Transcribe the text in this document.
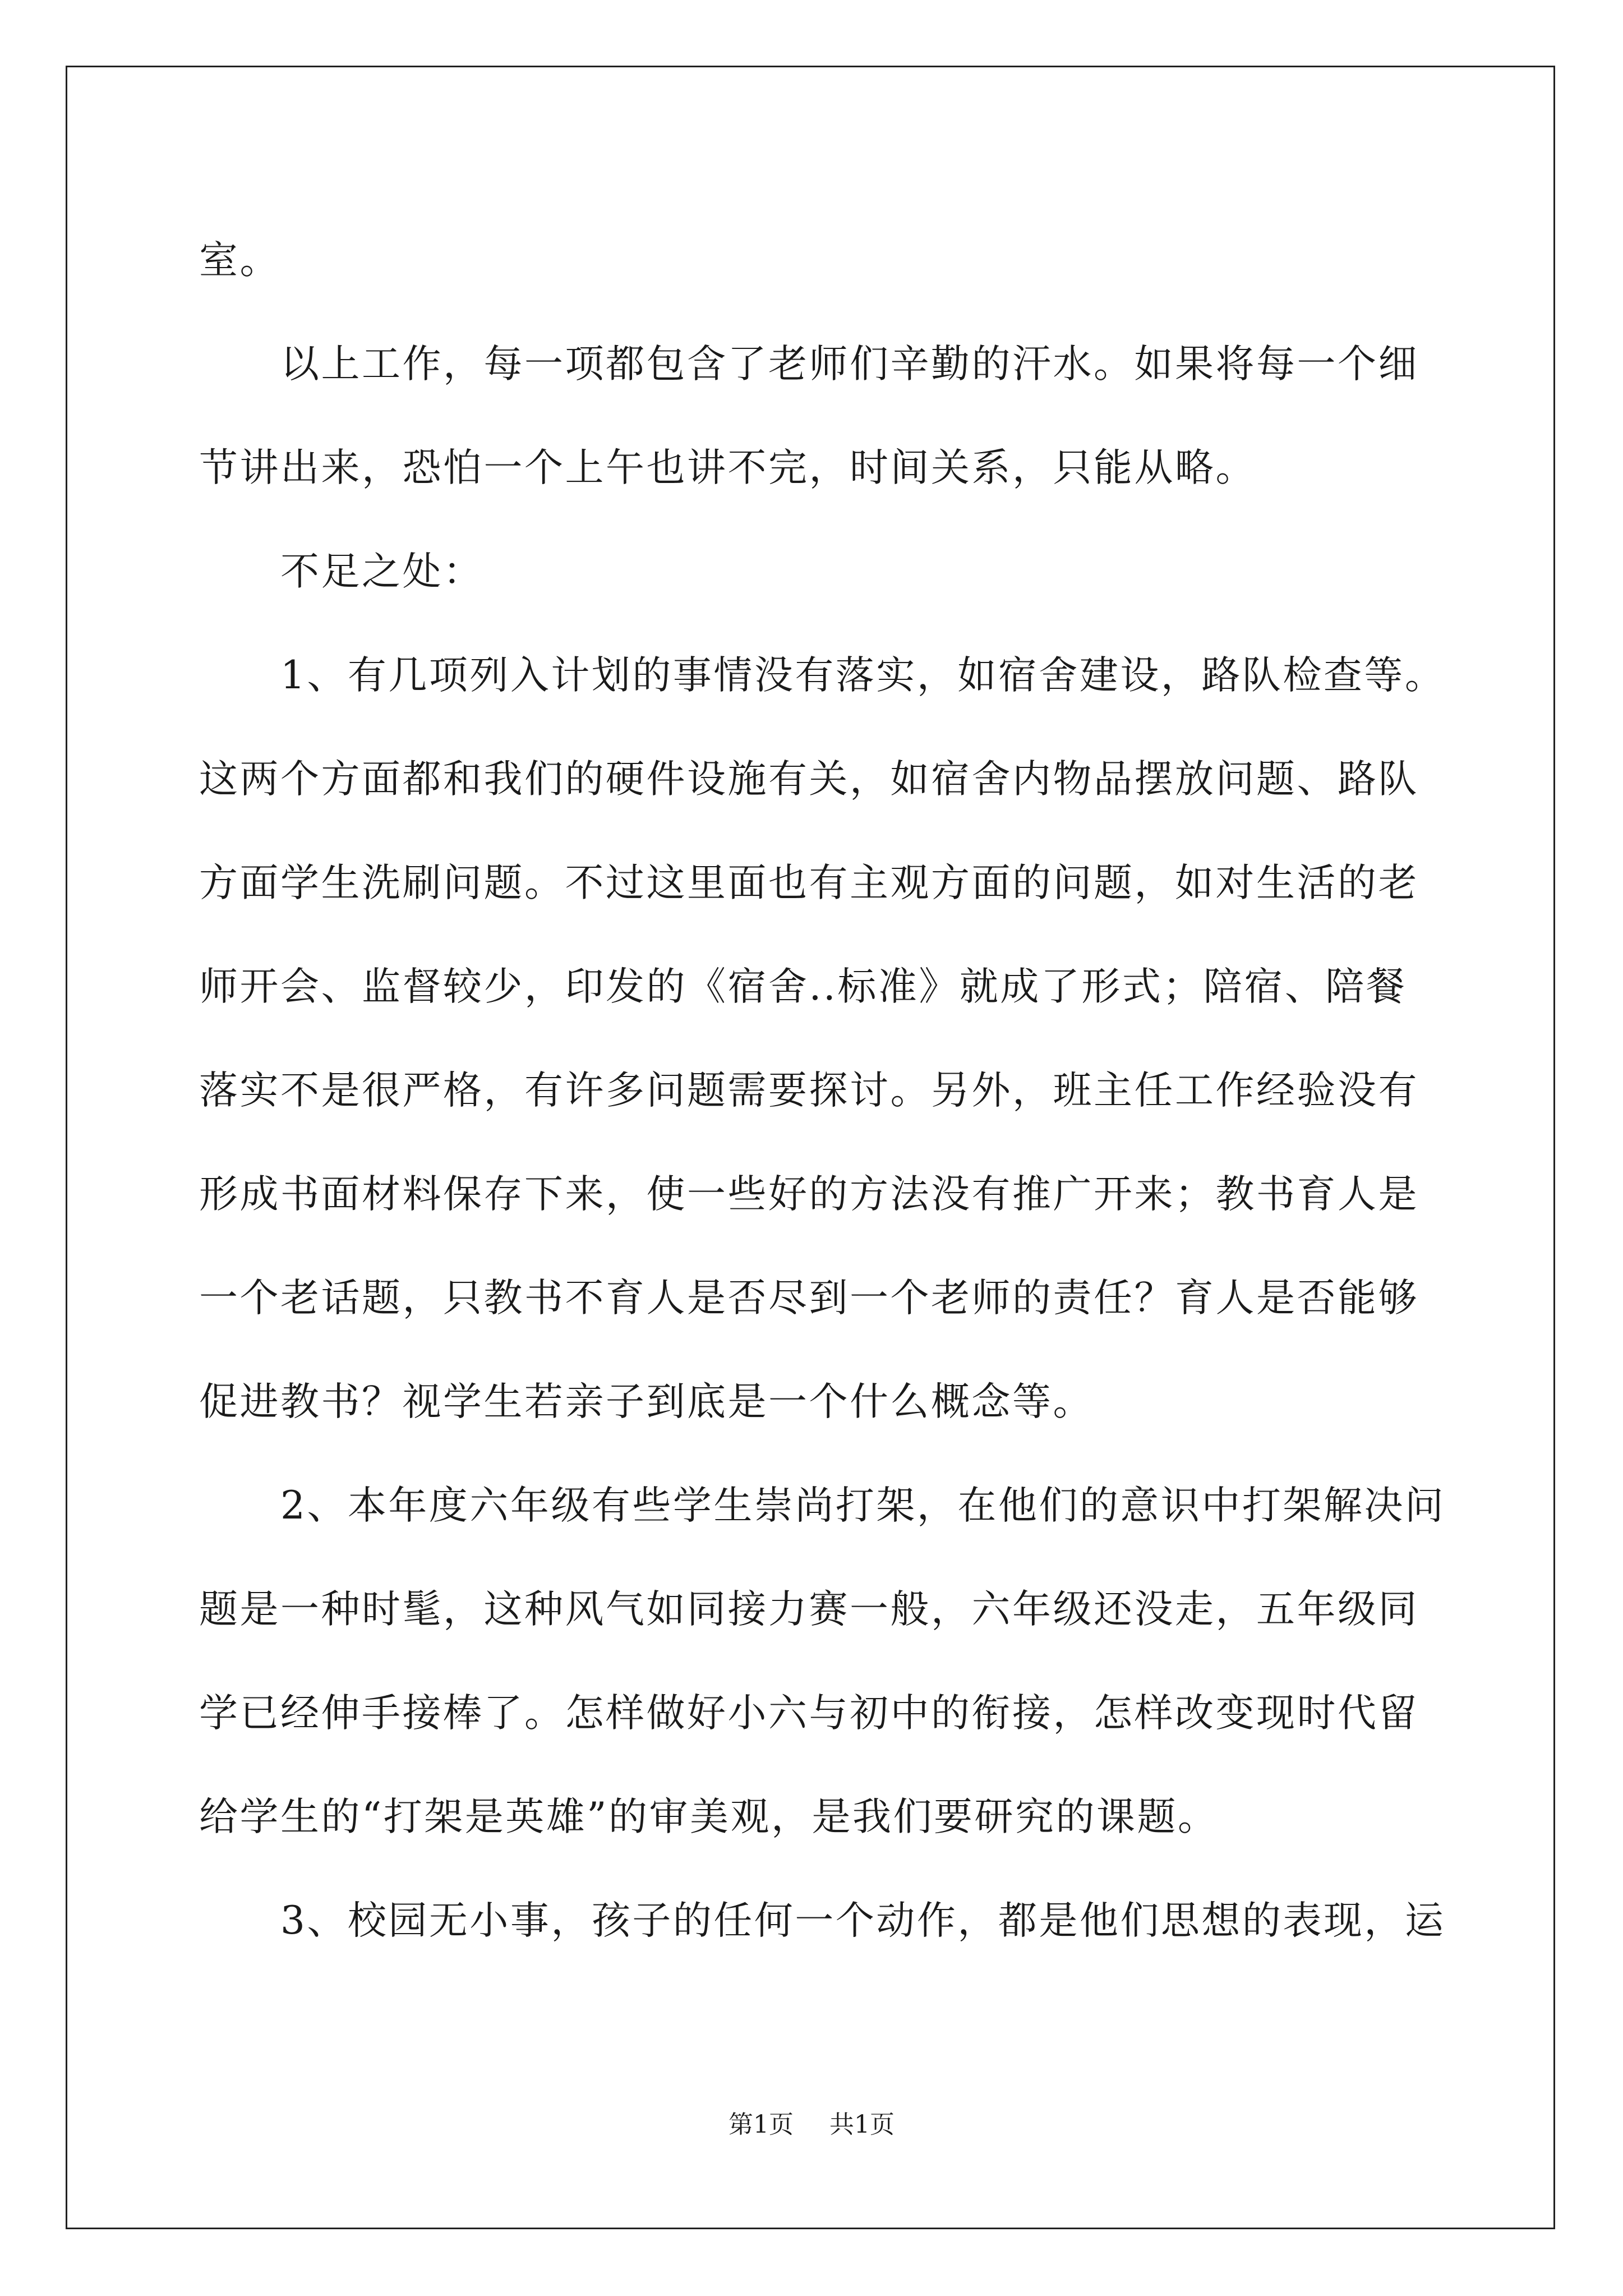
室。
以上工作，每一项都包含了老师们辛勤的汗水。如果将每一个细
节讲出来，恐怕一个上午也讲不完，时间关系，只能从略。
不足之处：
1、有几项列入计划的事情没有落实，如宿舍建设，路队检查等。
这两个方面都和我们的硬件设施有关，如宿舍内物品摆放问题、路队
方面学生洗刷问题。不过这里面也有主观方面的问题，如对生活的老
师开会、监督较少，印发的《宿舍..标准》就成了形式；陪宿、陪餐
落实不是很严格，有许多问题需要探讨。另外，班主任工作经验没有
形成书面材料保存下来，使一些好的方法没有推广开来；教书育人是
一个老话题，只教书不育人是否尽到一个老师的责任？育人是否能够
促进教书？视学生若亲子到底是一个什么概念等。
2、本年度六年级有些学生崇尚打架，在他们的意识中打架解决问
题是一种时髦，这种风气如同接力赛一般，六年级还没走，五年级同
学已经伸手接棒了。怎样做好小六与初中的衔接，怎样改变现时代留
给学生的“打架是英雄”的审美观，是我们要研究的课题。
3、校园无小事，孩子的任何一个动作，都是他们思想的表现，运
第1页 共1页
